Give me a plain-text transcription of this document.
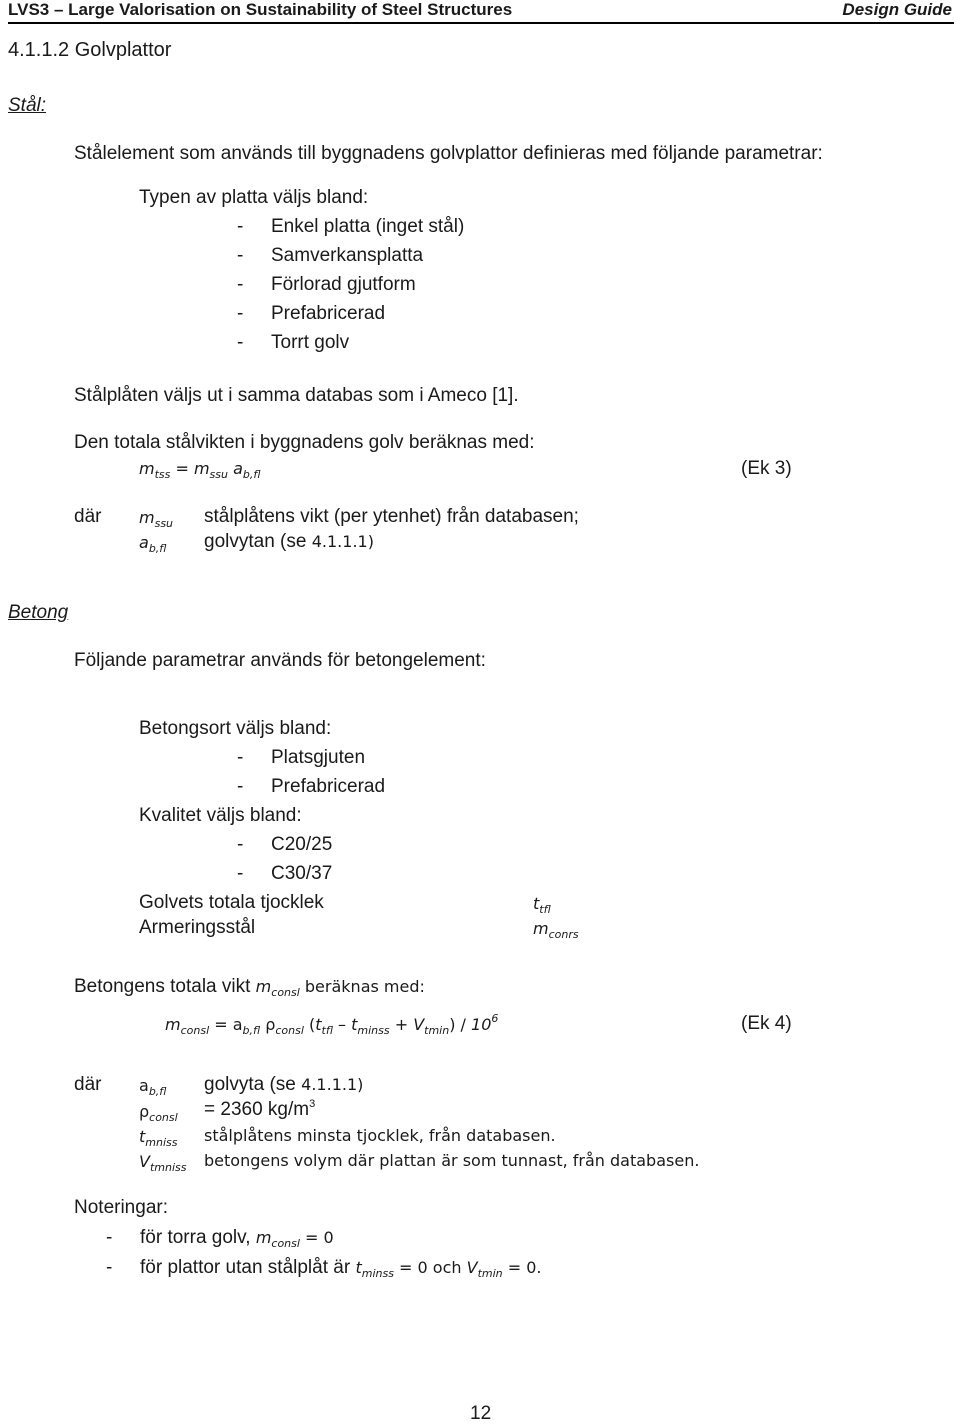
LVS3 – Large Valorisation on Sustainability of Steel Structures	Design Guide
4.1.1.2 Golvplattor
Stål:
Stålelement som används till byggnadens golvplattor definieras med följande parametrar:
Typen av platta väljs bland:
- Enkel platta (inget stål)
- Samverkansplatta
- Förlorad gjutform
- Prefabricerad
- Torrt golv
Stålplåten väljs ut i samma databas som i Ameco [1].
Den totala stålvikten i byggnadens golv beräknas med:
$m_{tss} = m_{ssu}$ $a_{b,fl}$	(Ek 3)
där $m_{ssu}$ stålplåtens vikt (per ytenhet) från databasen;
$a_{b,fl}$ golvytan (se 4.1.1.1)
Betong
Följande parametrar används för betongelement:
Betongsort väljs bland:
- Platsgjuten
- Prefabricerad
Kvalitet väljs bland:
- C20/25
- C30/37
Golvets totala tjocklek	$t_{tfl}$
Armeringsstål	$m_{conrs}$
Betongens totala vikt $m_{consl}$ beräknas med:
$m_{consl} = a_{b,fl}$ $\rho_{consl}$ $(t_{tfl} - t_{minss} + V_{tmin}) / 10^6$	(Ek 4)
där $a_{b,fl}$ golvyta (se 4.1.1.1)
$\rho_{consl} = 2360$ $kg/m^3$
$t_{mniss}$ stålplåtens minsta tjocklek, från databasen.
$V_{tmniss}$ betongens volym där plattan är som tunnast, från databasen.
Noteringar:
- för torra golv, $m_{consl} = 0$
- för plattor utan stålplåt är $t_{minss} = 0$ och $V_{tmin} = 0$.
12
